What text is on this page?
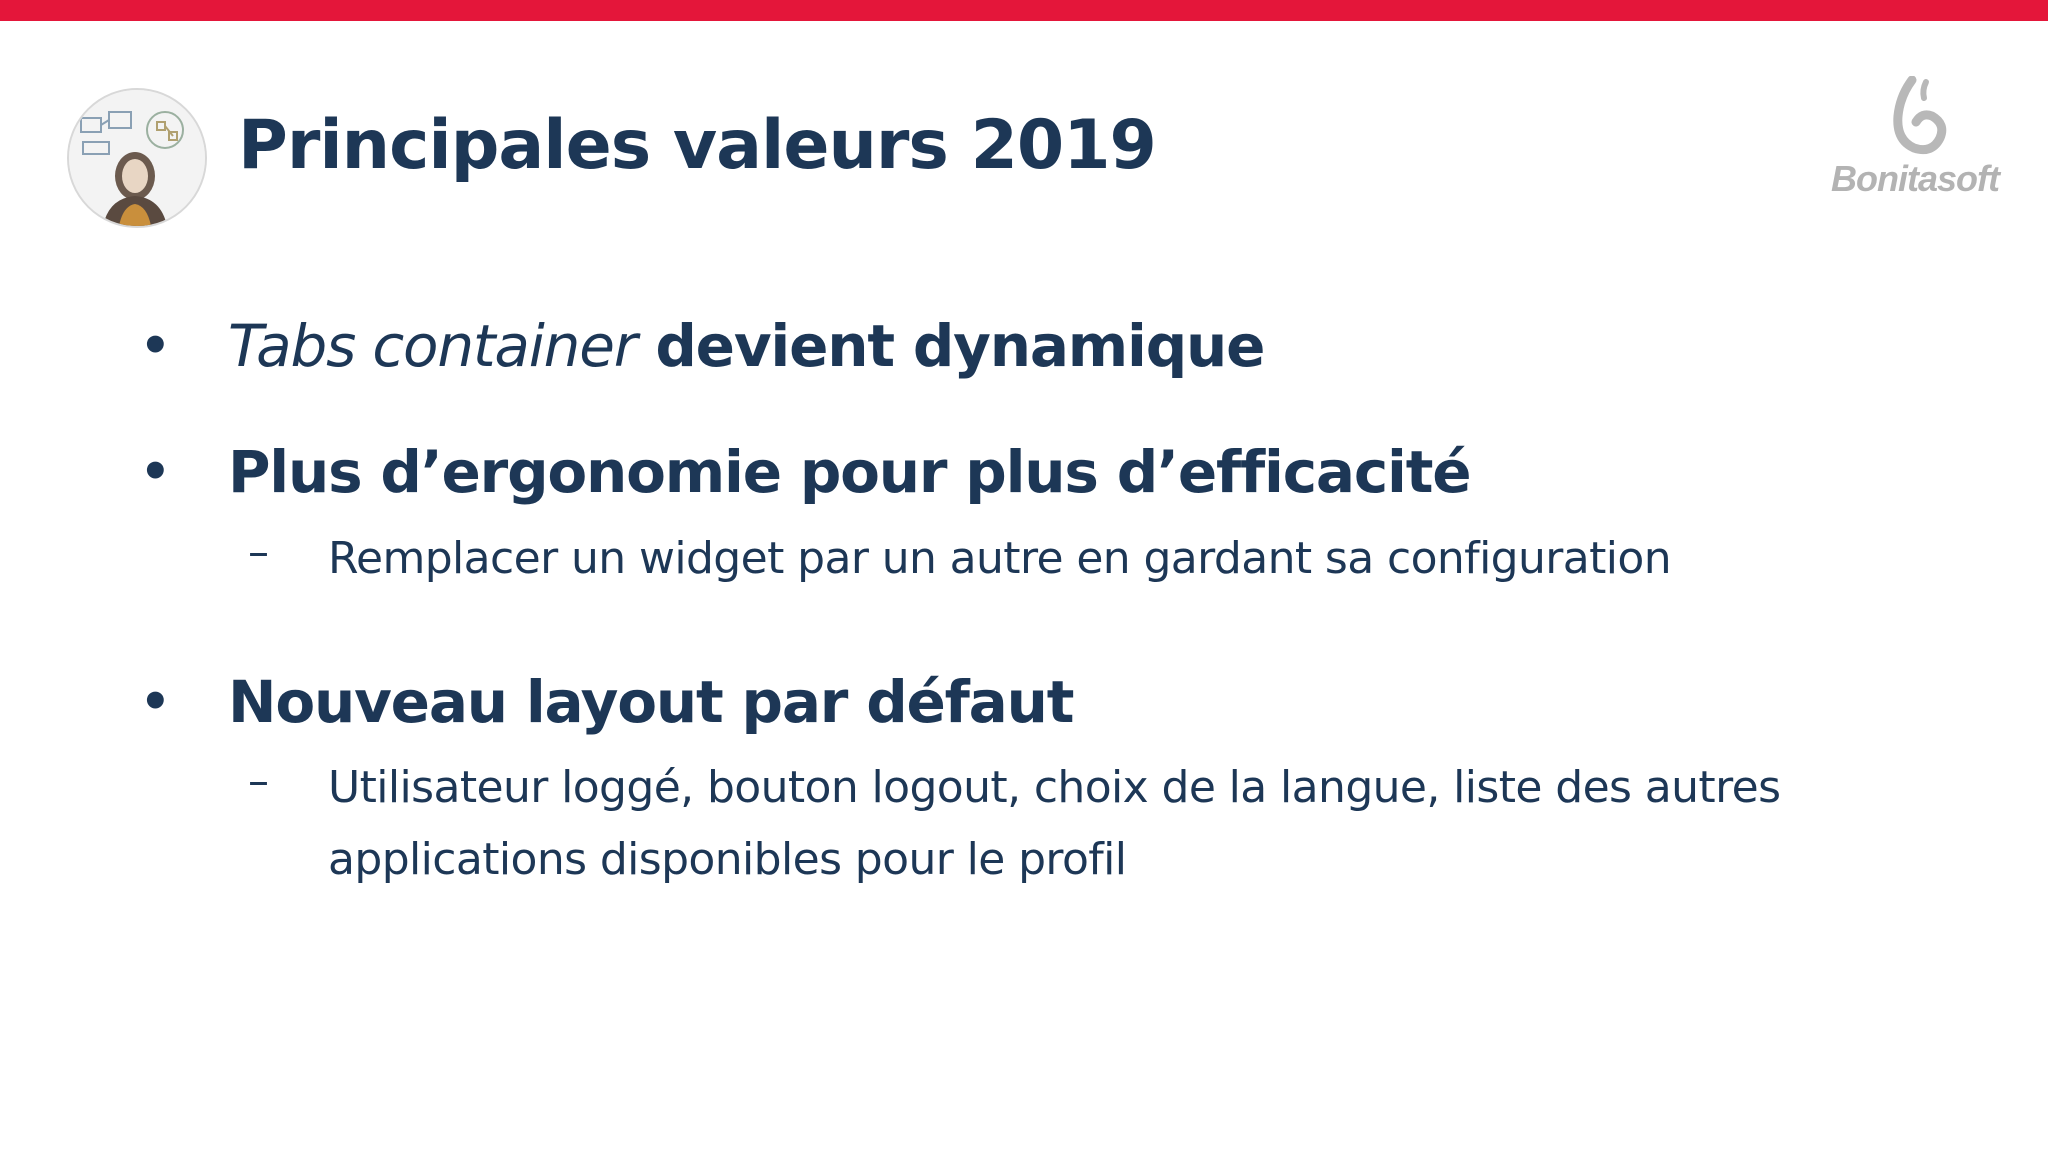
Principales valeurs 2019	Bonitasoft
• Tabs container devient dynamique
• Plus d’ergonomie pour plus d’efficacité
– Remplacer un widget par un autre en gardant sa configuration
• Nouveau layout par défaut
– Utilisateur loggé, bouton logout, choix de la langue, liste des autres applications disponibles pour le profil
